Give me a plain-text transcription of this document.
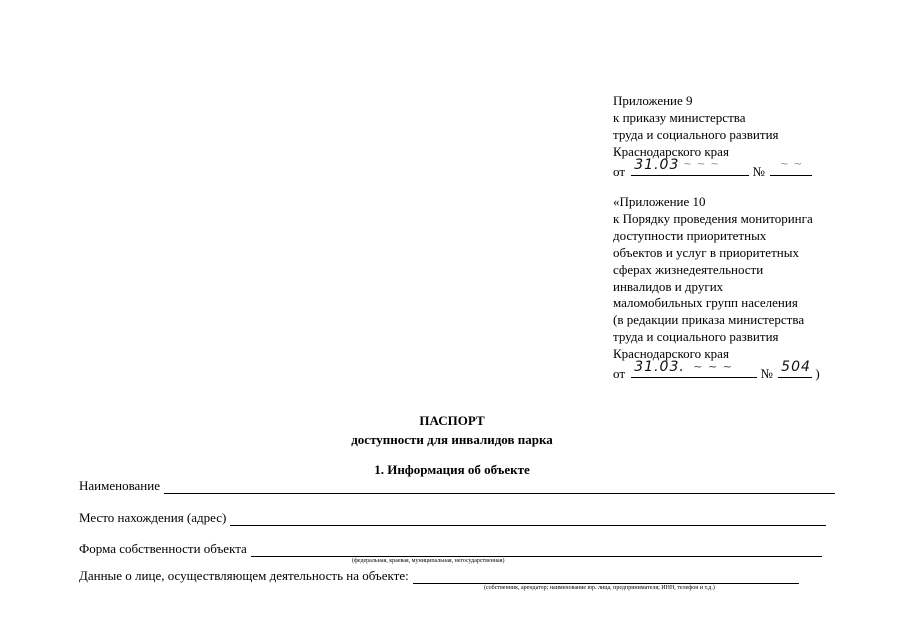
Приложение 9
к приказу министерства
труда и социального развития
Краснодарского края
от 31.03 ~ ~ ~	№ ~ ~
«Приложение 10
к Порядку проведения мониторинга
доступности приоритетных
объектов и услуг в приоритетных
сферах жизнедеятельности
инвалидов и других
маломобильных групп населения
(в редакции приказа министерства
труда и социального развития
Краснодарского края
от 31.03. ~ ~ ~ № 504 )
ПАСПОРТ
доступности для инвалидов парка
1. Информация об объекте
Наименование
Место нахождения (адрес)
Форма собственности объекта
(федеральная, краевая, муниципальная, негосударственная)
Данные о лице, осуществляющем деятельность на объекте:
(собственник, арендатор; наименование юр. лица, предпринимателя; ИНН, телефон и т.д.)
